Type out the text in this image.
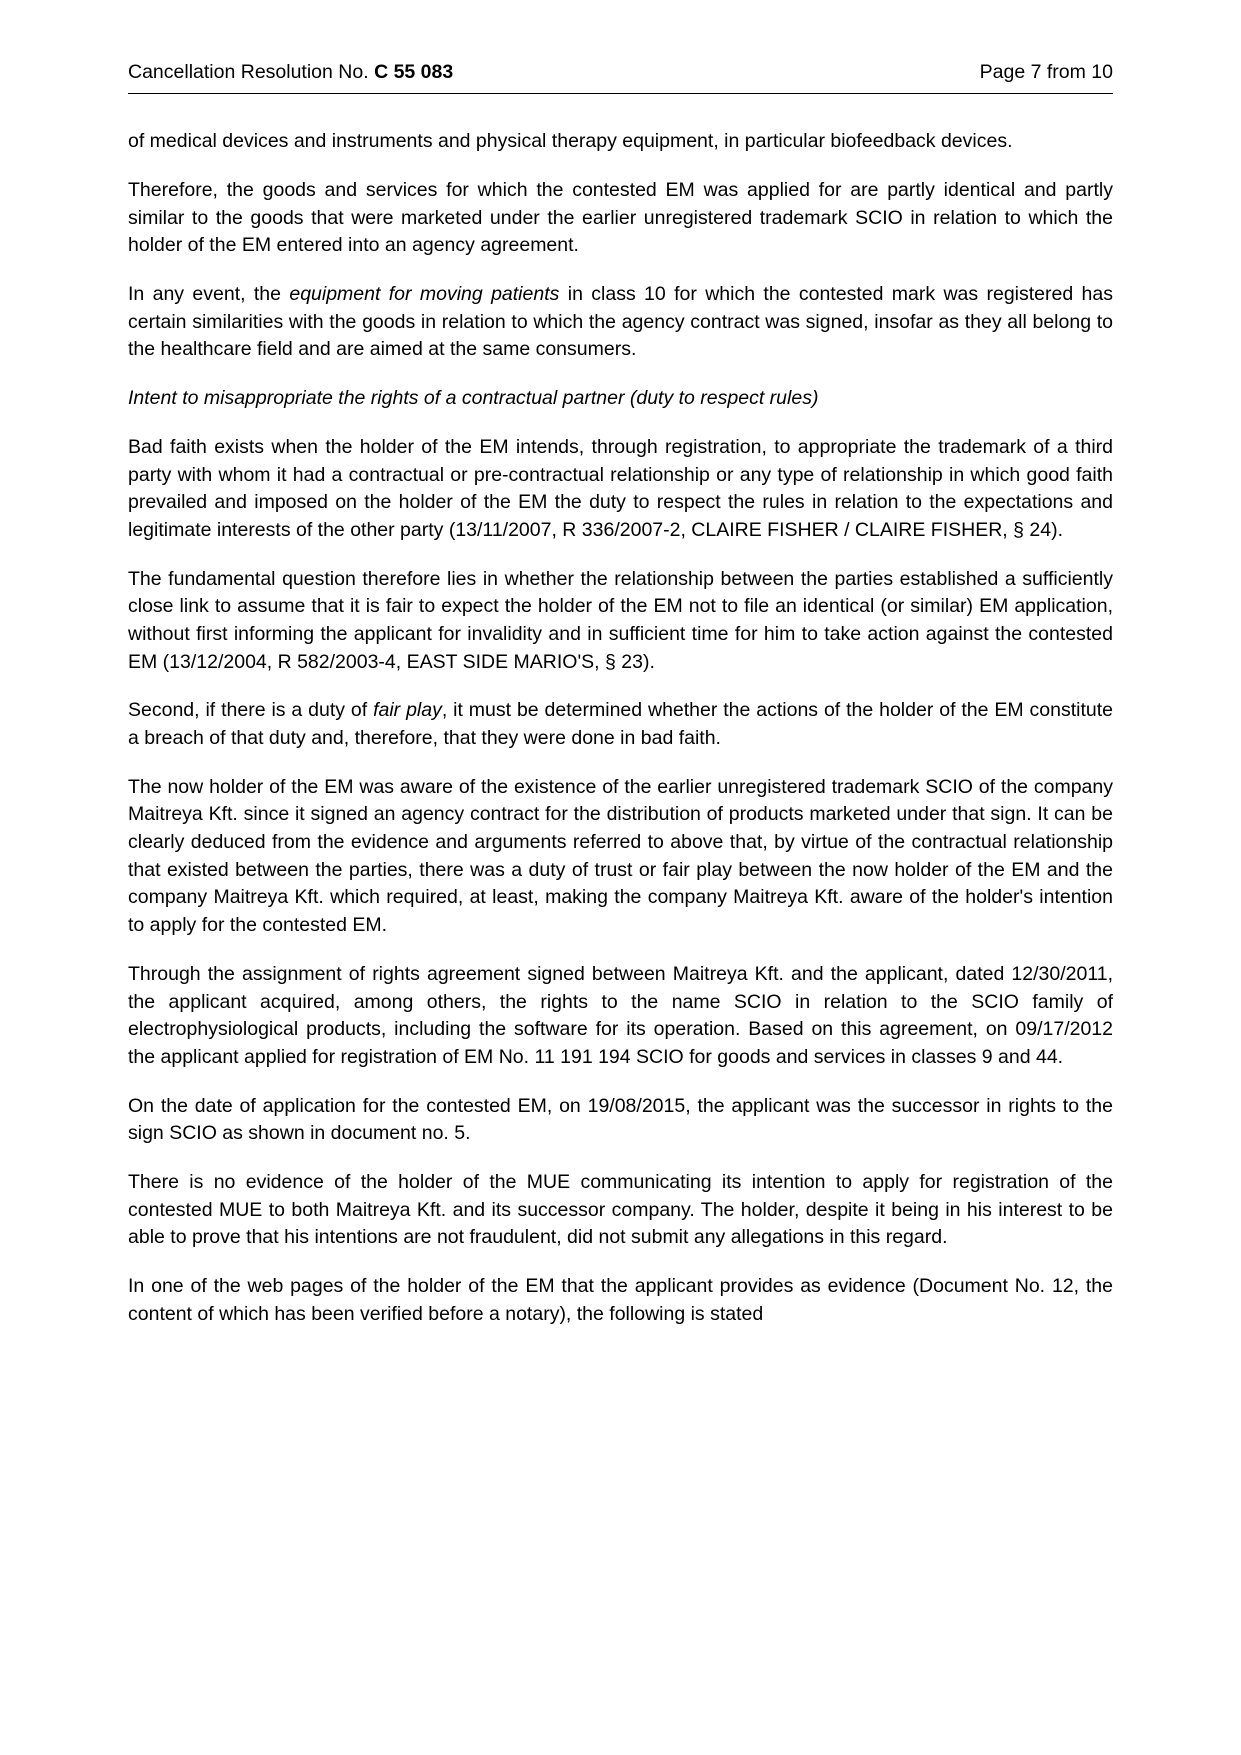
Cancellation Resolution No. C 55 083	Page 7 from 10

of medical devices and instruments and physical therapy equipment, in particular biofeedback devices.

Therefore, the goods and services for which the contested EM was applied for are partly identical and partly similar to the goods that were marketed under the earlier unregistered trademark SCIO in relation to which the holder of the EM entered into an agency agreement.

In any event, the equipment for moving patients in class 10 for which the contested mark was registered has certain similarities with the goods in relation to which the agency contract was signed, insofar as they all belong to the healthcare field and are aimed at the same consumers.

Intent to misappropriate the rights of a contractual partner (duty to respect rules)

Bad faith exists when the holder of the EM intends, through registration, to appropriate the trademark of a third party with whom it had a contractual or pre-contractual relationship or any type of relationship in which good faith prevailed and imposed on the holder of the EM the duty to respect the rules in relation to the expectations and legitimate interests of the other party (13/11/2007, R 336/2007-2, CLAIRE FISHER / CLAIRE FISHER, § 24).

The fundamental question therefore lies in whether the relationship between the parties established a sufficiently close link to assume that it is fair to expect the holder of the EM not to file an identical (or similar) EM application, without first informing the applicant for invalidity and in sufficient time for him to take action against the contested EM (13/12/2004, R 582/2003-4, EAST SIDE MARIO'S, § 23).

Second, if there is a duty of fair play, it must be determined whether the actions of the holder of the EM constitute a breach of that duty and, therefore, that they were done in bad faith.

The now holder of the EM was aware of the existence of the earlier unregistered trademark SCIO of the company Maitreya Kft. since it signed an agency contract for the distribution of products marketed under that sign. It can be clearly deduced from the evidence and arguments referred to above that, by virtue of the contractual relationship that existed between the parties, there was a duty of trust or fair play between the now holder of the EM and the company Maitreya Kft. which required, at least, making the company Maitreya Kft. aware of the holder's intention to apply for the contested EM.

Through the assignment of rights agreement signed between Maitreya Kft. and the applicant, dated 12/30/2011, the applicant acquired, among others, the rights to the name SCIO in relation to the SCIO family of electrophysiological products, including the software for its operation. Based on this agreement, on 09/17/2012 the applicant applied for registration of EM No. 11 191 194 SCIO for goods and services in classes 9 and 44.

On the date of application for the contested EM, on 19/08/2015, the applicant was the successor in rights to the sign SCIO as shown in document no. 5.

There is no evidence of the holder of the MUE communicating its intention to apply for registration of the contested MUE to both Maitreya Kft. and its successor company. The holder, despite it being in his interest to be able to prove that his intentions are not fraudulent, did not submit any allegations in this regard.

In one of the web pages of the holder of the EM that the applicant provides as evidence (Document No. 12, the content of which has been verified before a notary), the following is stated
